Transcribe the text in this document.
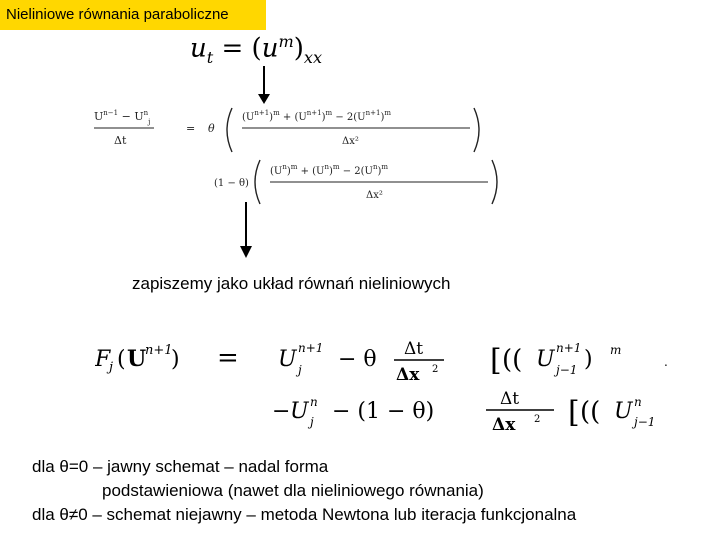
Nieliniowe równania paraboliczne
$u_t = (u^m)_{xx}$
$U^{n-1} - U^n_j$
Δt
= θ
$(U^{n+1})^m + (U^{n+1})^m - 2(U^{n+1})^m$
Δx²
(1 − θ)
$(U^n)^m + (U^n)^m - 2(U^n)^m$
Δx²
zapiszemy jako układ równań nieliniowych
F
j ( U
n+1
) = U n+1
j − θ Δt
Δx 2 [ (( U n+1
j−1 ) m
.
− U n
j − (1 − θ)	Δt
Δx 2 [ (( U n
j−1
dla θ=0 – jawny schemat – nadal forma
podstawieniowa (nawet dla nieliniowego równania)
dla θ≠0 – schemat niejawny – metoda Newtona lub iteracja funkcjonalna
